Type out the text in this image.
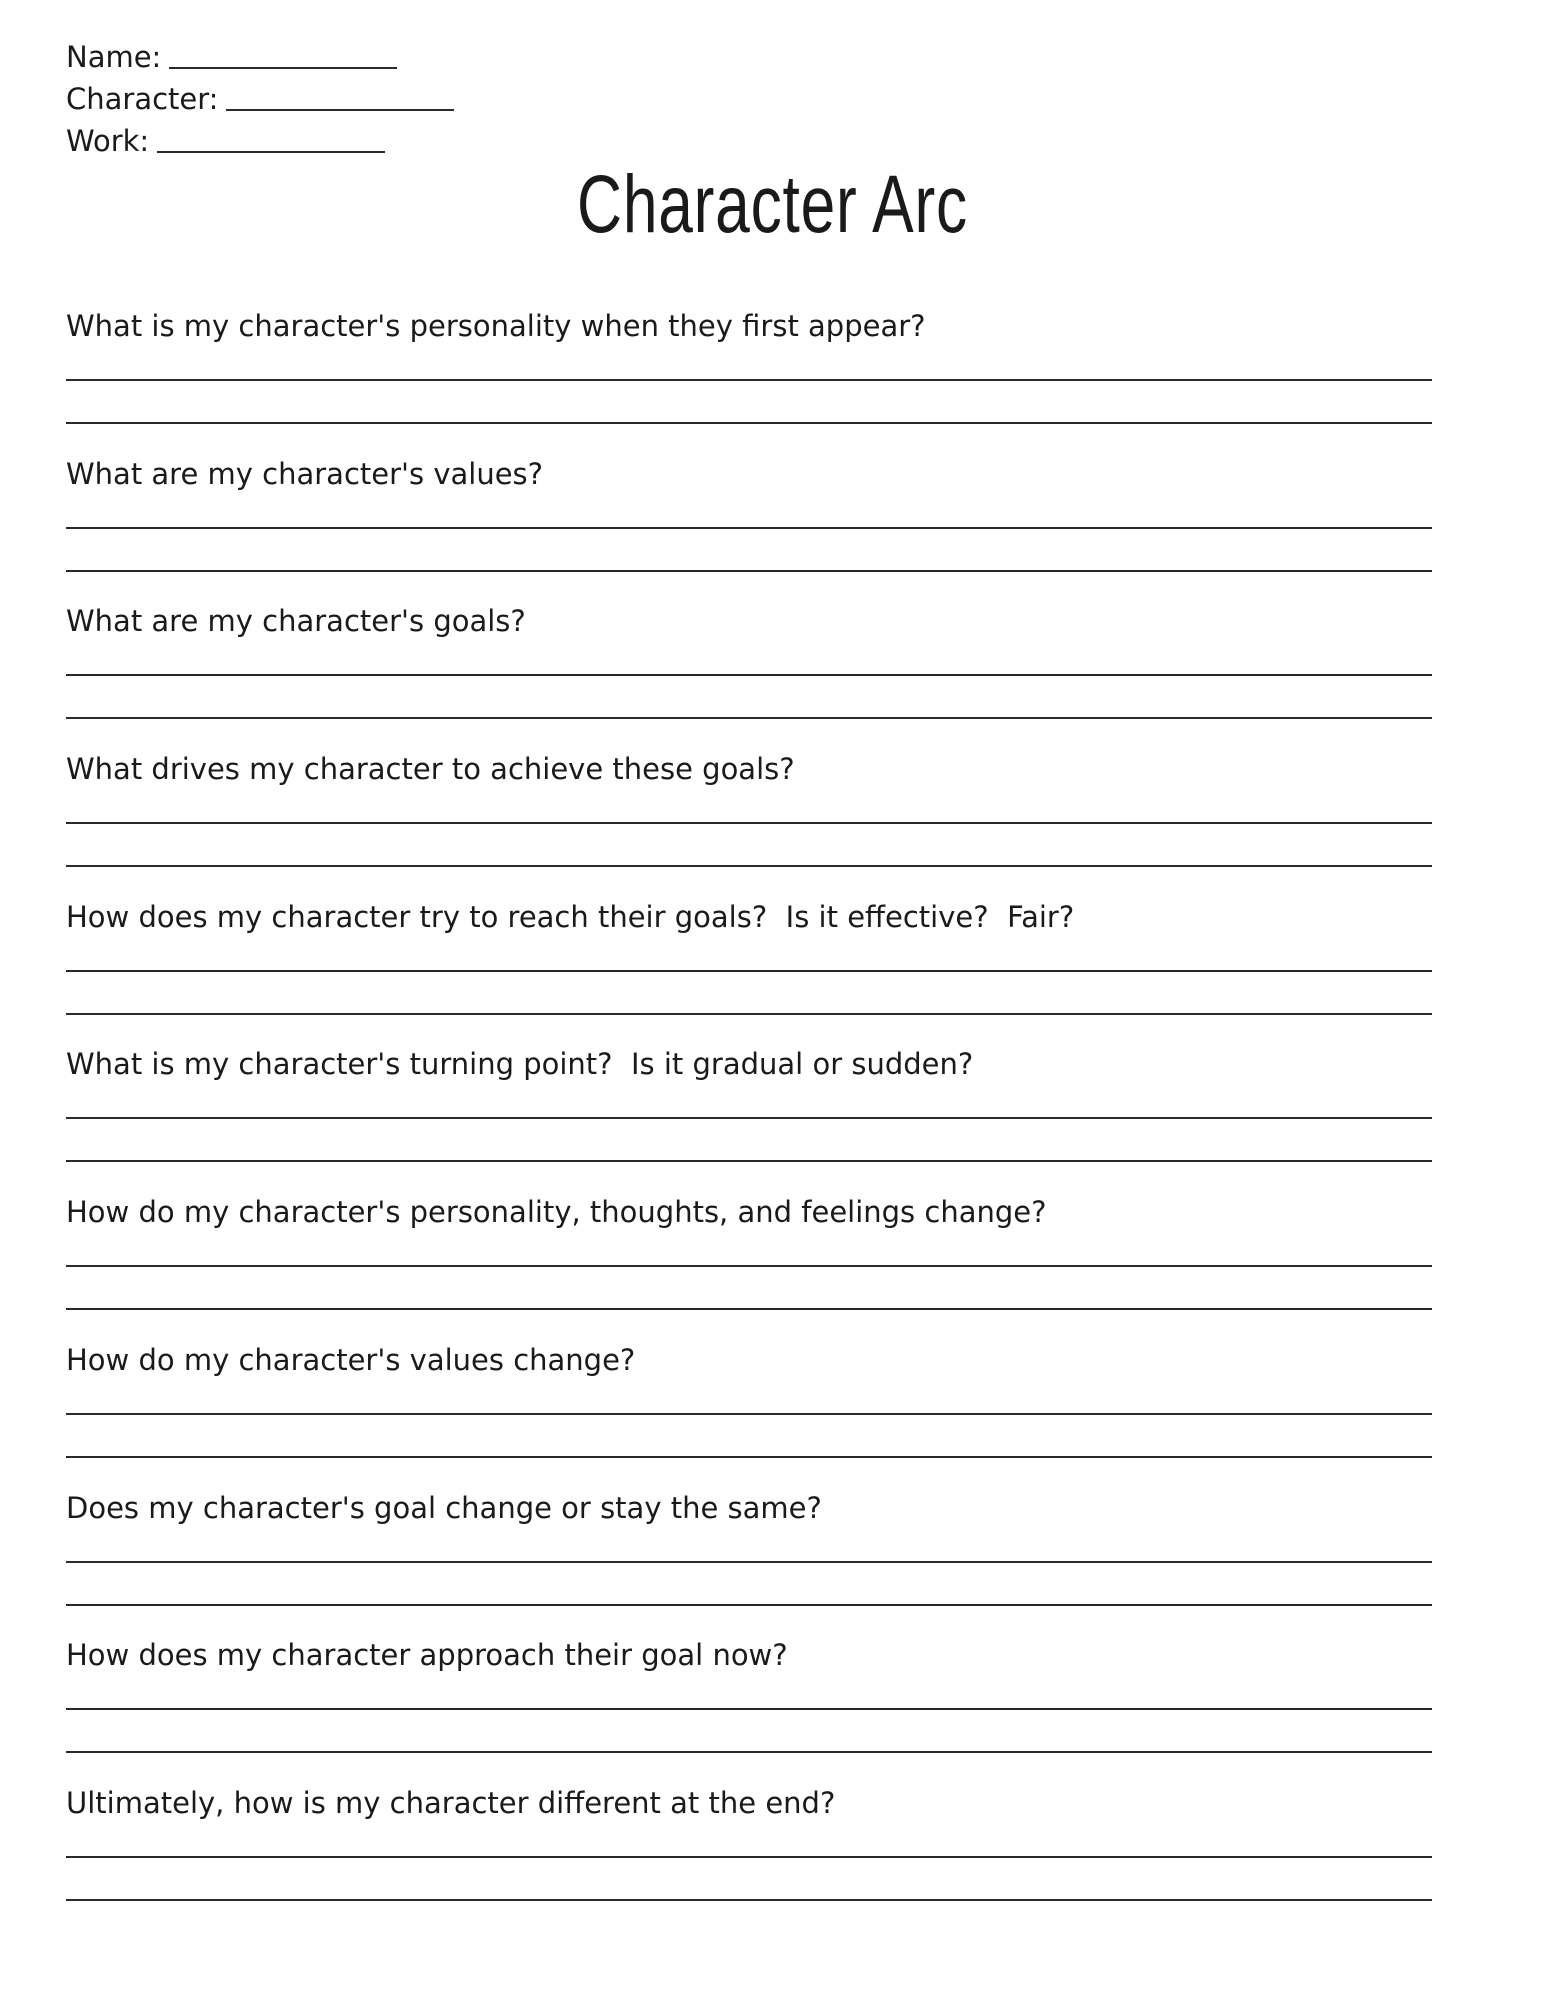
Name:
Character:
Work:
Character Arc
What is my character's personality when they first appear?
What are my character's values?
What are my character's goals?
What drives my character to achieve these goals?
How does my character try to reach their goals?  Is it effective?  Fair?
What is my character's turning point?  Is it gradual or sudden?
How do my character's personality, thoughts, and feelings change?
How do my character's values change?
Does my character's goal change or stay the same?
How does my character approach their goal now?
Ultimately, how is my character different at the end?
